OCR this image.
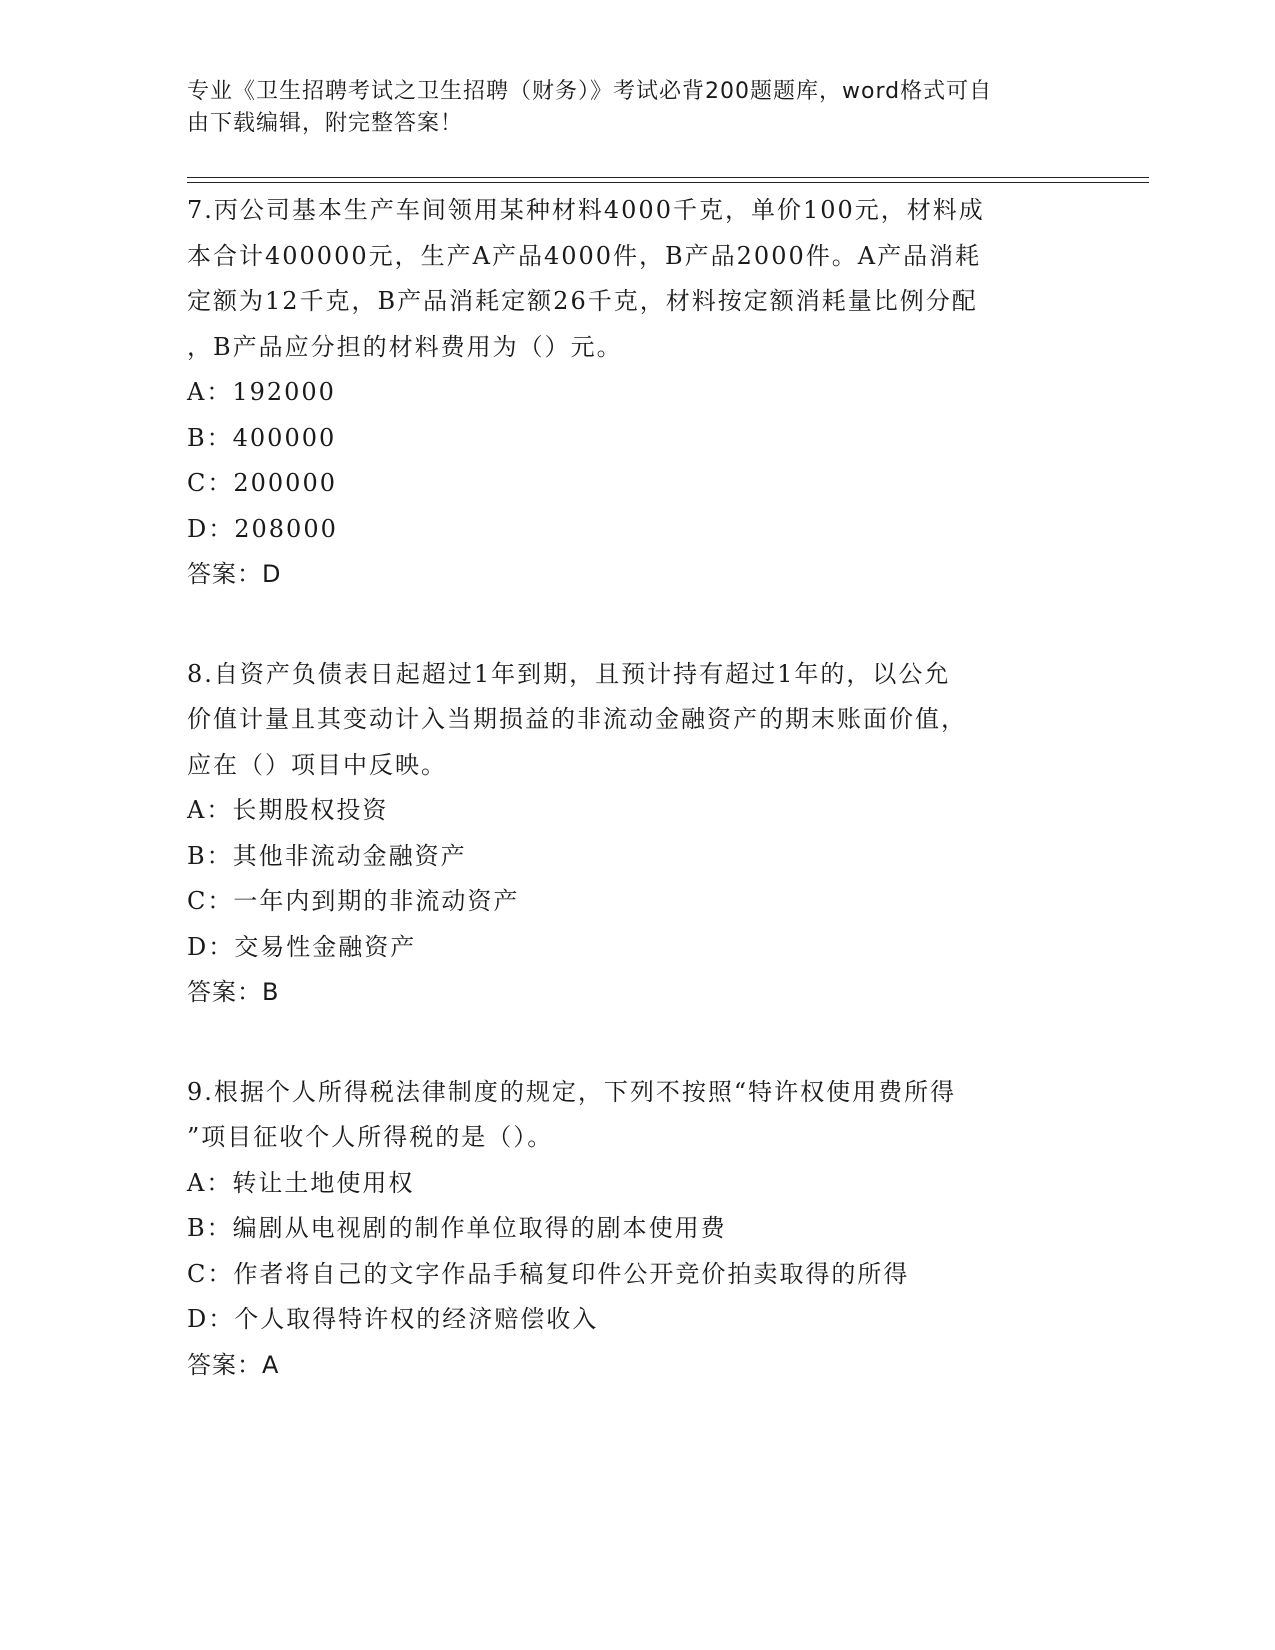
专业《卫生招聘考试之卫生招聘（财务）》考试必背200题题库，word格式可自
由下载编辑，附完整答案！
7.丙公司基本生产车间领用某种材料4000千克，单价100元，材料成
本合计400000元，生产A产品4000件，B产品2000件。A产品消耗
定额为12千克，B产品消耗定额26千克，材料按定额消耗量比例分配
，B产品应分担的材料费用为（）元。
A：192000
B：400000
C：200000
D：208000
答案：D
8.自资产负债表日起超过1年到期，且预计持有超过1年的，以公允
价值计量且其变动计入当期损益的非流动金融资产的期末账面价值，
应在（）项目中反映。
A：长期股权投资
B：其他非流动金融资产
C：一年内到期的非流动资产
D：交易性金融资产
答案：B
9.根据个人所得税法律制度的规定，下列不按照“特许权使用费所得
”项目征收个人所得税的是（）。
A：转让土地使用权
B：编剧从电视剧的制作单位取得的剧本使用费
C：作者将自己的文字作品手稿复印件公开竞价拍卖取得的所得
D：个人取得特许权的经济赔偿收入
答案：A
